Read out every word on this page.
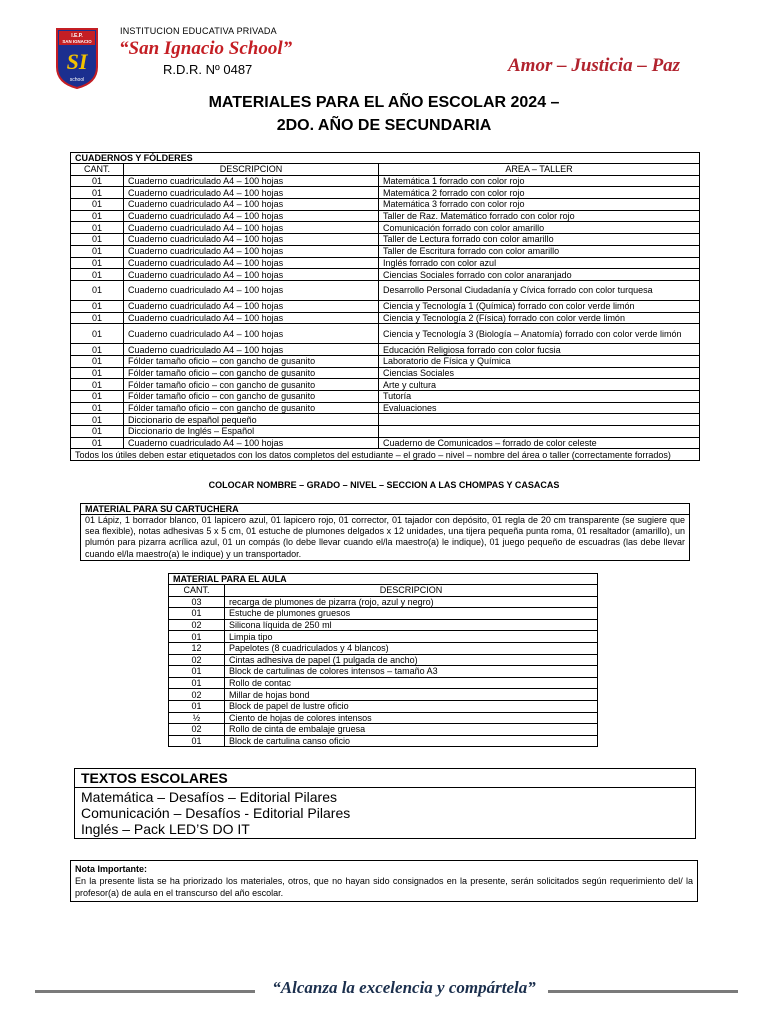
I.E.P.
SAN IGNACIO
SI
school
INSTITUCION EDUCATIVA PRIVADA
“San Ignacio School”
R.D.R. Nº 0487	Amor – Justicia – Paz
MATERIALES PARA EL AÑO ESCOLAR 2024 –
2DO. AÑO DE SECUNDARIA
CUADERNOS Y FÓLDERES		
CANT.	DESCRIPCION	AREA – TALLER
01	Cuaderno cuadriculado A4 – 100 hojas	Matemática 1 forrado con color rojo
01	Cuaderno cuadriculado A4 – 100 hojas	Matemática 2 forrado con color rojo
01	Cuaderno cuadriculado A4 – 100 hojas	Matemática 3 forrado con color rojo
01	Cuaderno cuadriculado A4 – 100 hojas	Taller de Raz. Matemático forrado con color rojo
01	Cuaderno cuadriculado A4 – 100 hojas	Comunicación forrado con color amarillo
01	Cuaderno cuadriculado A4 – 100 hojas	Taller de Lectura forrado con color amarillo
01	Cuaderno cuadriculado A4 – 100 hojas	Taller de Escritura forrado con color amarillo
01	Cuaderno cuadriculado A4 – 100 hojas	Inglés forrado con color azul
01	Cuaderno cuadriculado A4 – 100 hojas	Ciencias Sociales forrado con color anaranjado
01	Cuaderno cuadriculado A4 – 100 hojas	Desarrollo Personal Ciudadanía y Cívica forrado con color turquesa
01	Cuaderno cuadriculado A4 – 100 hojas	Ciencia y Tecnología 1 (Química) forrado con color verde limón
01	Cuaderno cuadriculado A4 – 100 hojas	Ciencia y Tecnología 2 (Física) forrado con color verde limón
01	Cuaderno cuadriculado A4 – 100 hojas	Ciencia y Tecnología 3 (Biología – Anatomía) forrado con color verde limón
01	Cuaderno cuadriculado A4 – 100 hojas	Educación Religiosa forrado con color fucsia
01	Fólder tamaño oficio – con gancho de gusanito	Laboratorio de Física y Química
01	Fólder tamaño oficio – con gancho de gusanito	Ciencias Sociales
01	Fólder tamaño oficio – con gancho de gusanito	Arte y cultura
01	Fólder tamaño oficio – con gancho de gusanito	Tutoría
01	Fólder tamaño oficio – con gancho de gusanito	Evaluaciones
01	Diccionario de español pequeño	
01	Diccionario de Inglés – Español	
01	Cuaderno cuadriculado A4 – 100 hojas	Cuaderno de Comunicados – forrado de color celeste
Todos los útiles deben estar etiquetados con los datos completos del estudiante – el grado – nivel – nombre del área o taller (correctamente forrados)		
COLOCAR NOMBRE – GRADO – NIVEL – SECCION A LAS CHOMPAS Y CASACAS
MATERIAL PARA SU CARTUCHERA
01 Lápiz, 1 borrador blanco, 01 lapicero azul, 01 lapicero rojo, 01 corrector, 01 tajador con depósito, 01 regla de 20 cm transparente (se sugiere que sea flexible), notas adhesivas 5 x 5 cm, 01 estuche de plumones delgados x 12 unidades, una tijera pequeña punta roma, 01 resaltador (amarillo), un plumón para pizarra acrílica azul, 01 un compás (lo debe llevar cuando el/la maestro(a) le indique), 01 juego pequeño de escuadras (las debe llevar cuando el/la maestro(a) le indique) y un transportador.
MATERIAL PARA EL AULA	
CANT.	DESCRIPCION
03	recarga de plumones de pizarra (rojo, azul y negro)
01	Estuche de plumones gruesos
02	Silicona líquida de 250 ml
01	Limpia tipo
12	Papelotes (8 cuadriculados y 4 blancos)
02	Cintas adhesiva de papel (1 pulgada de ancho)
01	Block de cartulinas de colores intensos – tamaño A3
01	Rollo de contac
02	Millar de hojas bond
01	Block de papel de lustre oficio
½	Ciento de hojas de colores intensos
02	Rollo de cinta de embalaje gruesa
01	Block de cartulina canso oficio
TEXTOS ESCOLARES

Matemática – Desafíos – Editorial Pilares
Comunicación – Desafíos - Editorial Pilares
Inglés – Pack LED’S DO IT
Nota Importante:
En la presente lista se ha priorizado los materiales, otros, que no hayan sido consignados en la presente, serán solicitados según requerimiento del/ la profesor(a) de aula en el transcurso del año escolar.
“Alcanza la excelencia y compártela”
